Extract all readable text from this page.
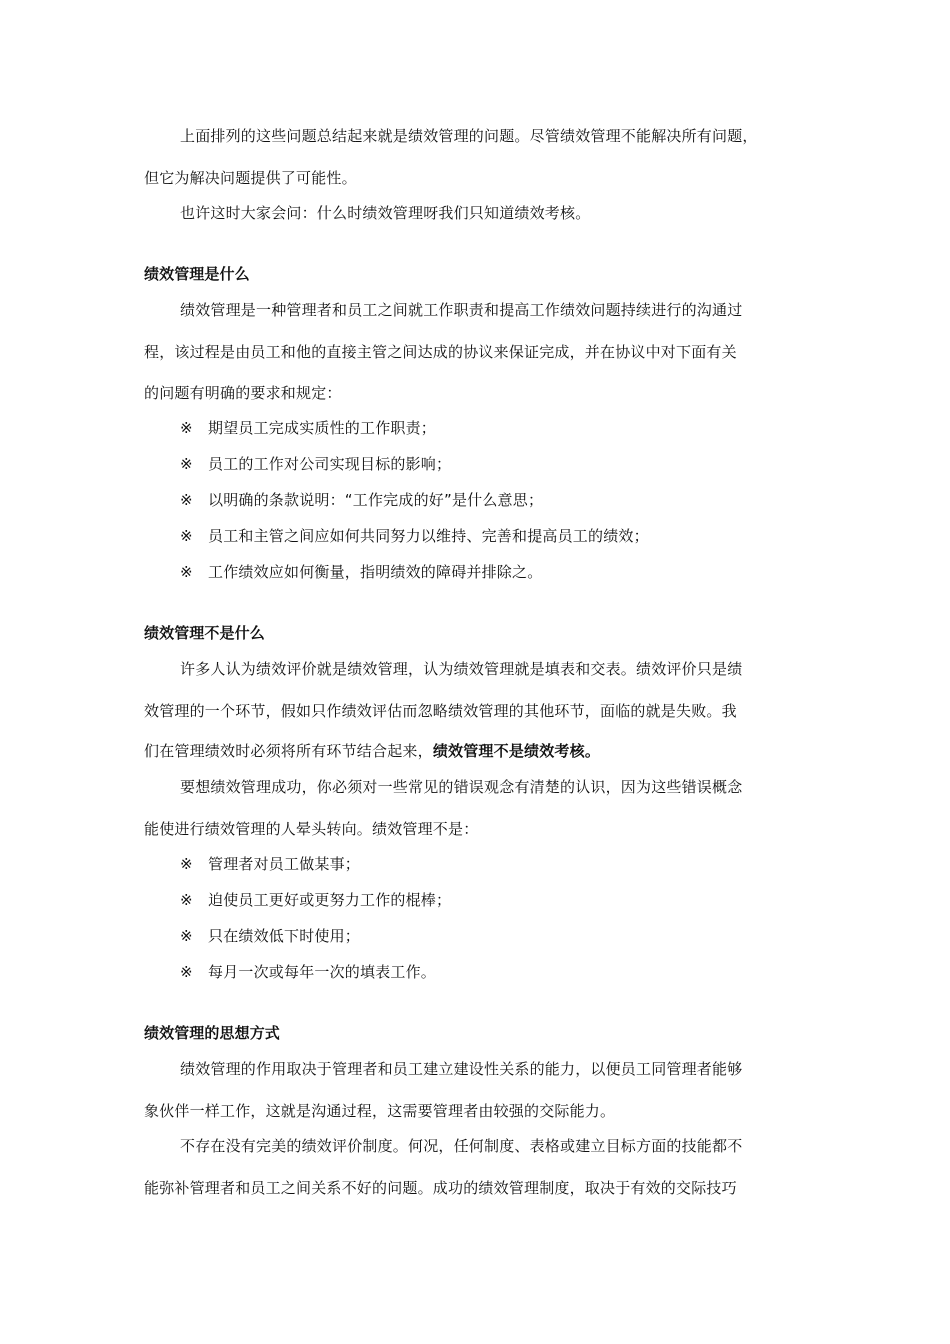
上面排列的这些问题总结起来就是绩效管理的问题。尽管绩效管理不能解决所有问题，
但它为解决问题提供了可能性。
也许这时大家会问：什么时绩效管理呀我们只知道绩效考核。
绩效管理是什么
绩效管理是一种管理者和员工之间就工作职责和提高工作绩效问题持续进行的沟通过
程，该过程是由员工和他的直接主管之间达成的协议来保证完成，并在协议中对下面有关
的问题有明确的要求和规定：
※	期望员工完成实质性的工作职责；
※	员工的工作对公司实现目标的影响；
※	以明确的条款说明：“工作完成的好”是什么意思；
※	员工和主管之间应如何共同努力以维持、完善和提高员工的绩效；
※	工作绩效应如何衡量，指明绩效的障碍并排除之。
绩效管理不是什么
许多人认为绩效评价就是绩效管理，认为绩效管理就是填表和交表。绩效评价只是绩
效管理的一个环节，假如只作绩效评估而忽略绩效管理的其他环节，面临的就是失败。我
们在管理绩效时必须将所有环节结合起来，绩效管理不是绩效考核。
要想绩效管理成功，你必须对一些常见的错误观念有清楚的认识，因为这些错误概念
能使进行绩效管理的人晕头转向。绩效管理不是：
※	管理者对员工做某事；
※	迫使员工更好或更努力工作的棍棒；
※	只在绩效低下时使用；
※	每月一次或每年一次的填表工作。
绩效管理的思想方式
绩效管理的作用取决于管理者和员工建立建设性关系的能力，以便员工同管理者能够
象伙伴一样工作，这就是沟通过程，这需要管理者由较强的交际能力。
不存在没有完美的绩效评价制度。何况，任何制度、表格或建立目标方面的技能都不
能弥补管理者和员工之间关系不好的问题。成功的绩效管理制度，取决于有效的交际技巧
